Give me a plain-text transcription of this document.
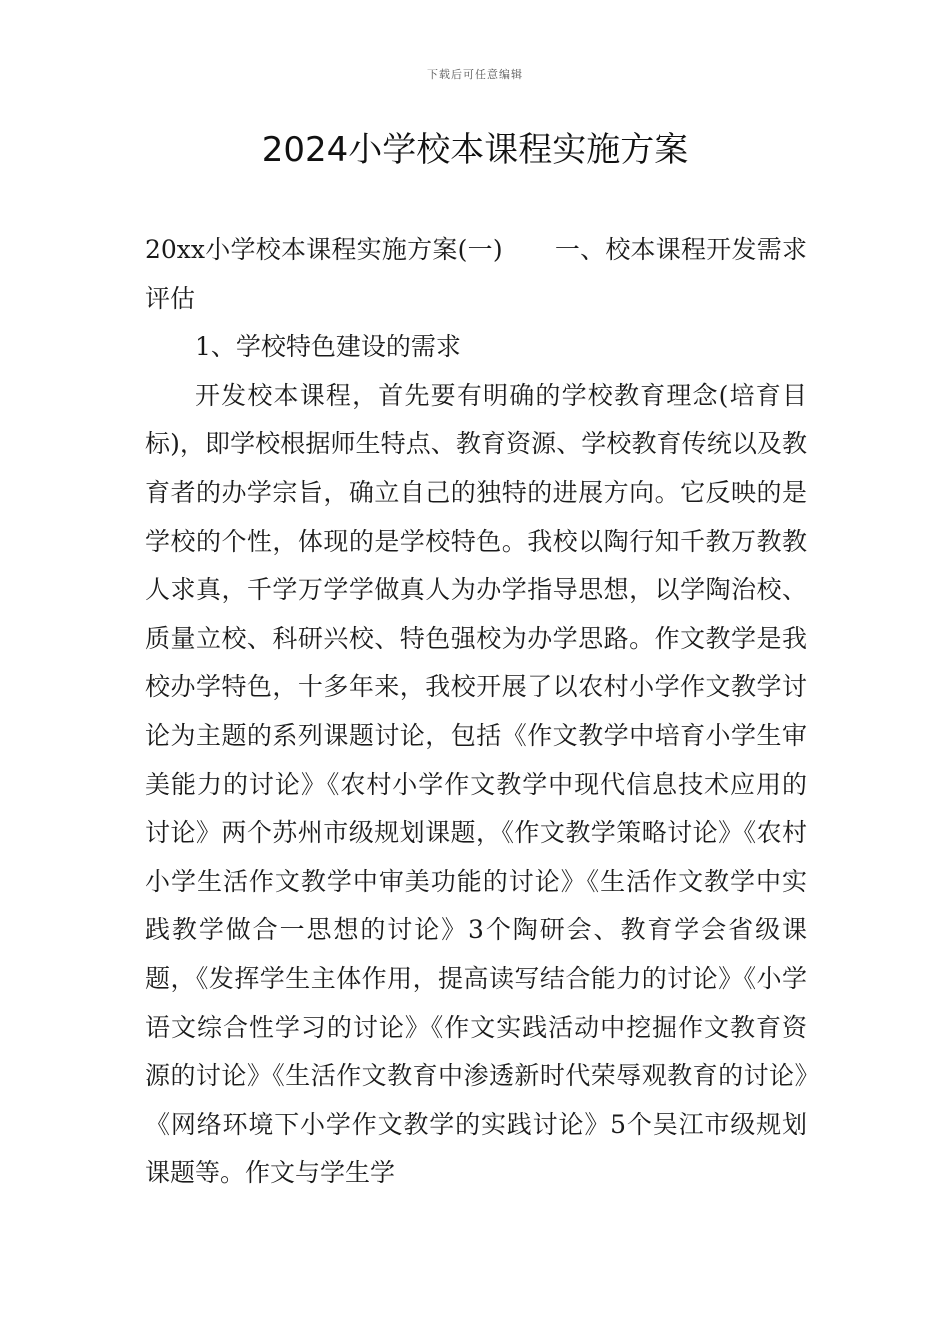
下载后可任意编辑
2024小学校本课程实施方案

20xx小学校本课程实施方案(一) 一、校本课程开发需求评估

1、学校特色建设的需求

开发校本课程，首先要有明确的学校教育理念(培育目标)，即学校根据师生特点、教育资源、学校教育传统以及教育者的办学宗旨，确立自己的独特的进展方向。它反映的是学校的个性，体现的是学校特色。我校以陶行知千教万教教人求真，千学万学学做真人为办学指导思想，以学陶治校、质量立校、科研兴校、特色强校为办学思路。作文教学是我校办学特色，十多年来，我校开展了以农村小学作文教学讨论为主题的系列课题讨论，包括《作文教学中培育小学生审美能力的讨论》《农村小学作文教学中现代信息技术应用的讨论》两个苏州市级规划课题，《作文教学策略讨论》《农村小学生活作文教学中审美功能的讨论》《生活作文教学中实践教学做合一思想的讨论》3个陶研会、教育学会省级课题，《发挥学生主体作用，提高读写结合能力的讨论》《小学语文综合性学习的讨论》《作文实践活动中挖掘作文教育资源的讨论》《生活作文教育中渗透新时代荣辱观教育的讨论》《网络环境下小学作文教学的实践讨论》5个吴江市级规划课题等。作文与学生学
